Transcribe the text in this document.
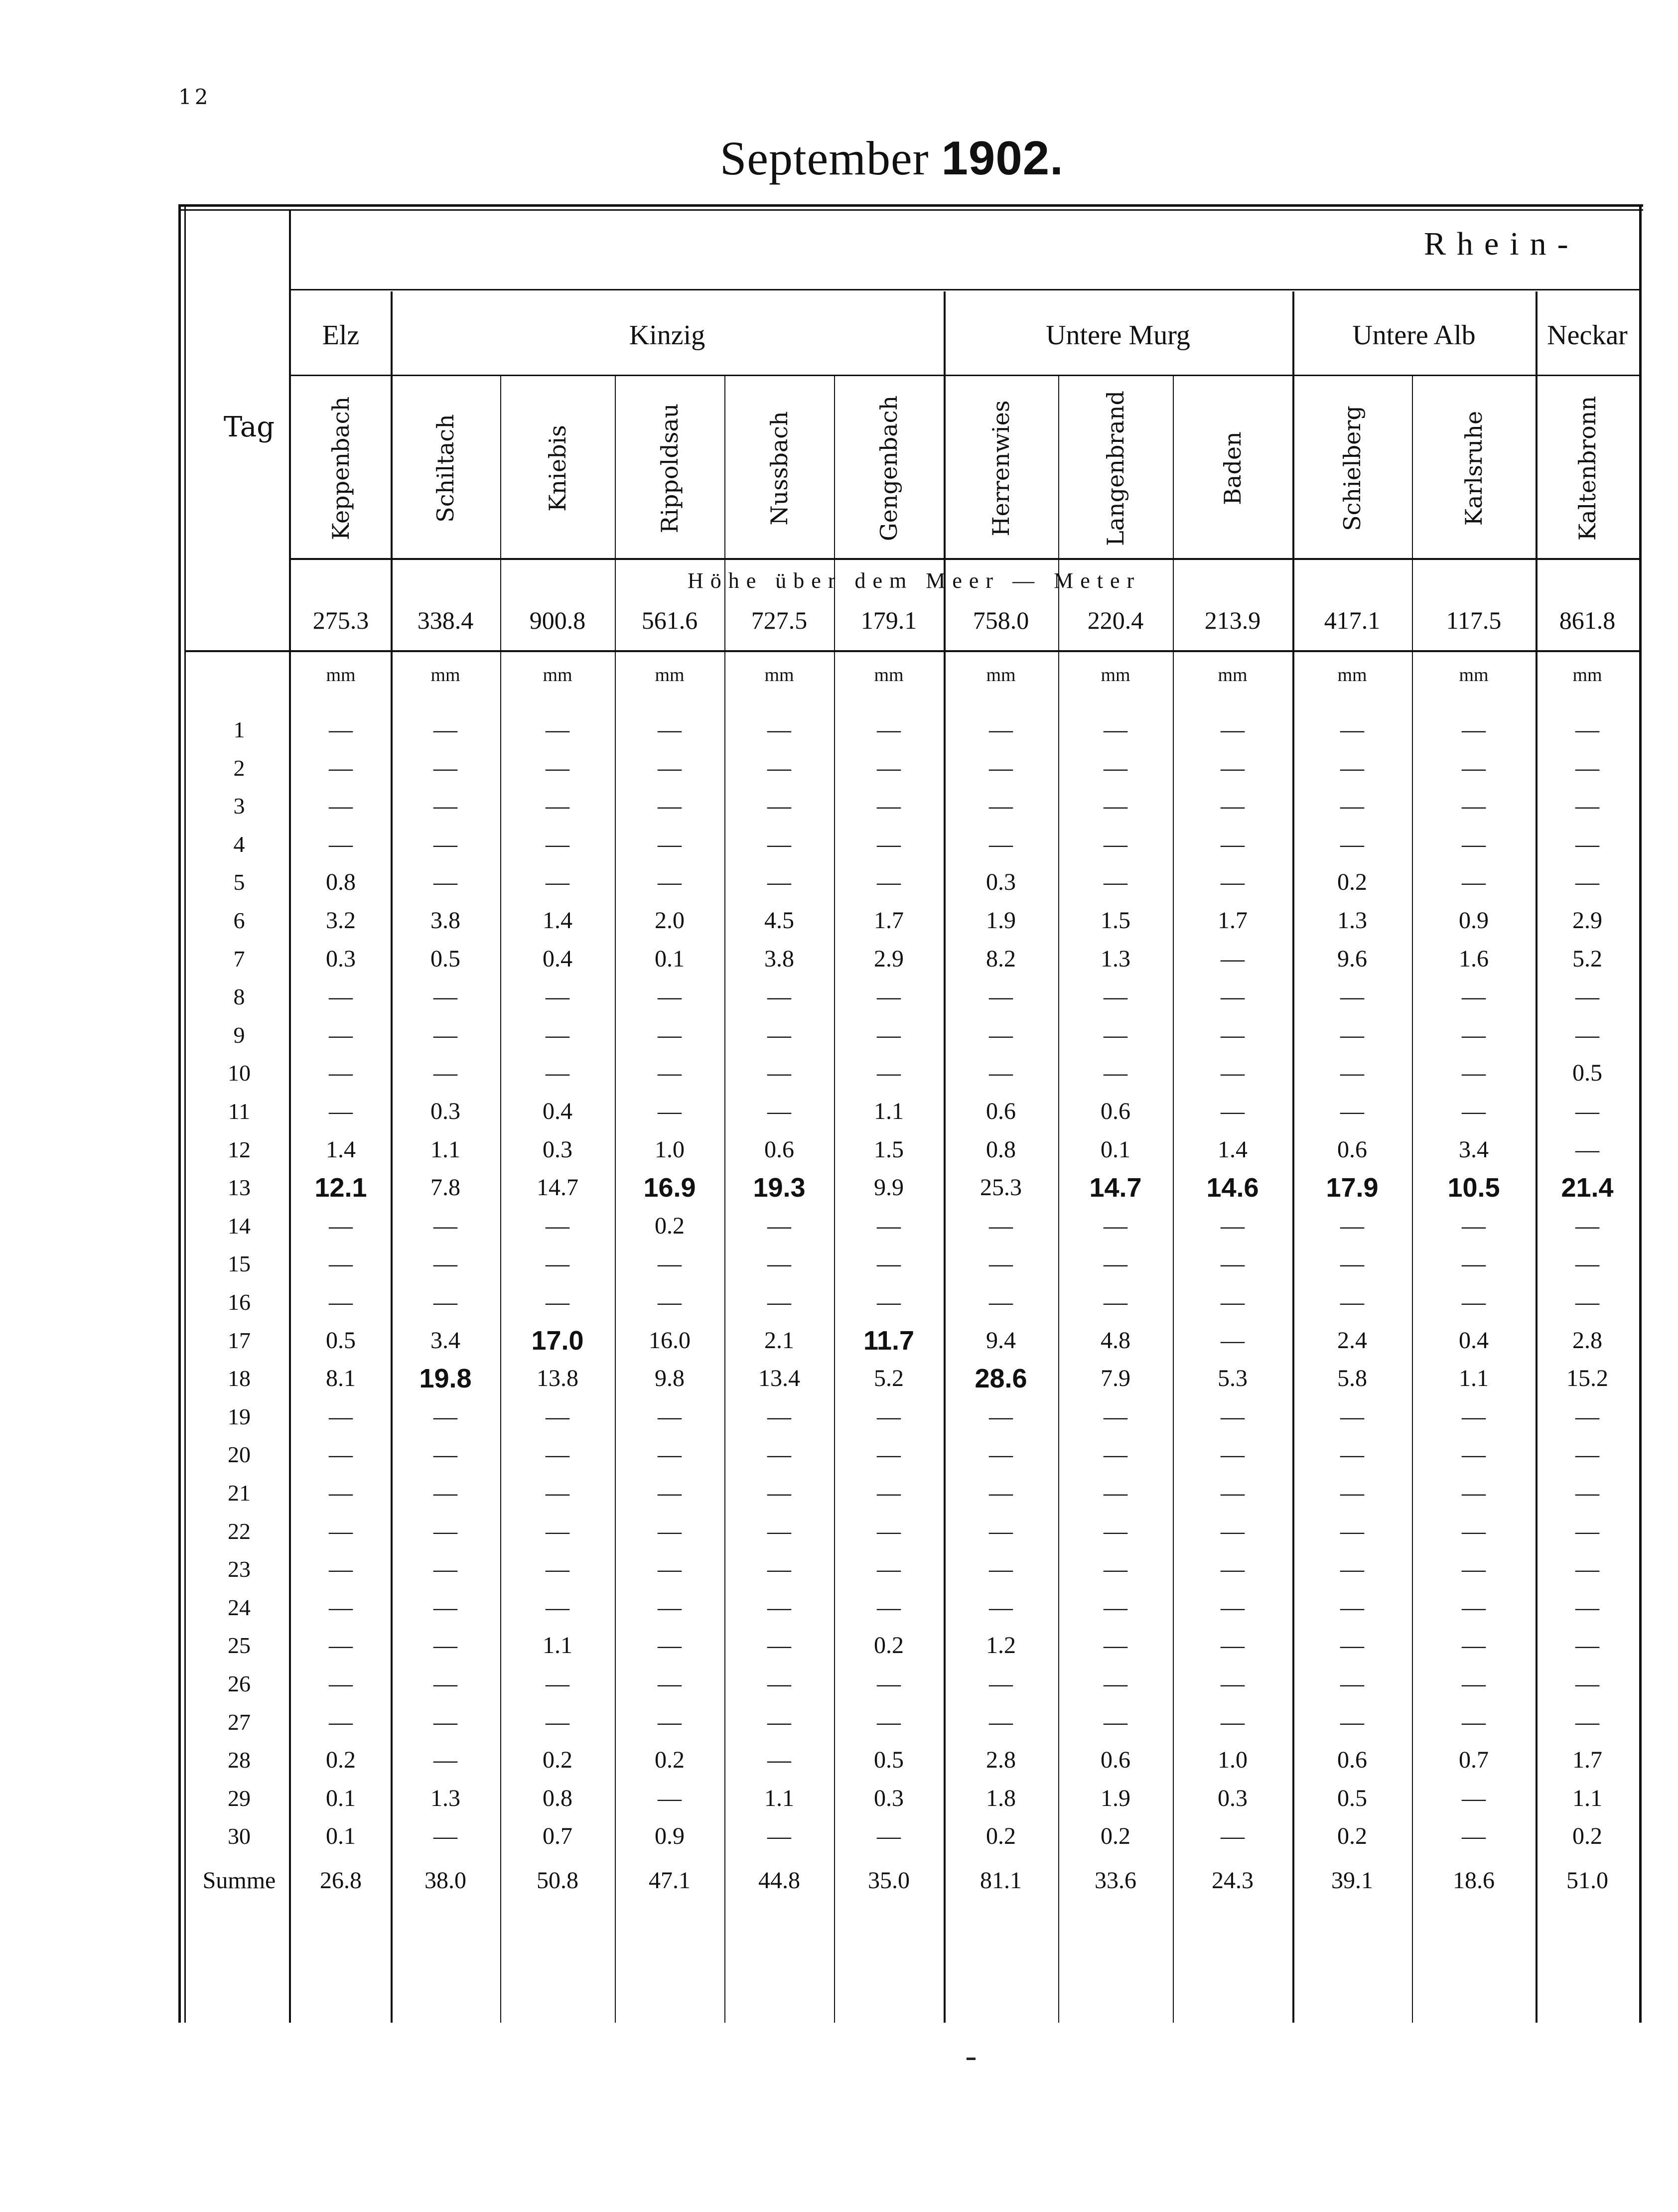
12
September 1902.
Rhein-
Elz	Kinzig	Untere Murg	Untere Alb	Neckar
Tag	Keppenbach	Schiltach	Kniebis	Rippoldsau	Nussbach	Gengenbach	Herrenwies	Langenbrand	Baden	Schielberg	Karlsruhe	Kaltenbronn
Höhe über dem Meer — Meter
275.3	338.4	900.8	561.6	727.5	179.1	758.0	220.4	213.9	417.1	117.5	861.8
mm	mm	mm	mm	mm	mm	mm	mm	mm	mm	mm	mm
1	—	—	—	—	—	—	—	—	—	—	—	—
2	—	—	—	—	—	—	—	—	—	—	—	—
3	—	—	—	—	—	—	—	—	—	—	—	—
4	—	—	—	—	—	—	—	—	—	—	—	—
5	0.8	—	—	—	—	—	0.3	—	—	0.2	—	—
6	3.2	3.8	1.4	2.0	4.5	1.7	1.9	1.5	1.7	1.3	0.9	2.9
7	0.3	0.5	0.4	0.1	3.8	2.9	8.2	1.3	—	9.6	1.6	5.2
8	—	—	—	—	—	—	—	—	—	—	—	—
9	—	—	—	—	—	—	—	—	—	—	—	—
10	—	—	—	—	—	—	—	—	—	—	—	0.5
11	—	0.3	0.4	—	—	1.1	0.6	0.6	—	—	—	—
12	1.4	1.1	0.3	1.0	0.6	1.5	0.8	0.1	1.4	0.6	3.4	—
13	12.1	7.8	14.7	16.9	19.3	9.9	25.3	14.7	14.6	17.9	10.5	21.4
14	—	—	—	0.2	—	—	—	—	—	—	—	—
15	—	—	—	—	—	—	—	—	—	—	—	—
16	—	—	—	—	—	—	—	—	—	—	—	—
17	0.5	3.4	17.0	16.0	2.1	11.7	9.4	4.8	—	2.4	0.4	2.8
18	8.1	19.8	13.8	9.8	13.4	5.2	28.6	7.9	5.3	5.8	1.1	15.2
19	—	—	—	—	—	—	—	—	—	—	—	—
20	—	—	—	—	—	—	—	—	—	—	—	—
21	—	—	—	—	—	—	—	—	—	—	—	—
22	—	—	—	—	—	—	—	—	—	—	—	—
23	—	—	—	—	—	—	—	—	—	—	—	—
24	—	—	—	—	—	—	—	—	—	—	—	—
25	—	—	1.1	—	—	0.2	1.2	—	—	—	—	—
26	—	—	—	—	—	—	—	—	—	—	—	—
27	—	—	—	—	—	—	—	—	—	—	—	—
28	0.2	—	0.2	0.2	—	0.5	2.8	0.6	1.0	0.6	0.7	1.7
29	0.1	1.3	0.8	—	1.1	0.3	1.8	1.9	0.3	0.5	—	1.1
30	0.1	—	0.7	0.9	—	—	0.2	0.2	—	0.2	—	0.2
Summe	26.8	38.0	50.8	47.1	44.8	35.0	81.1	33.6	24.3	39.1	18.6	51.0
